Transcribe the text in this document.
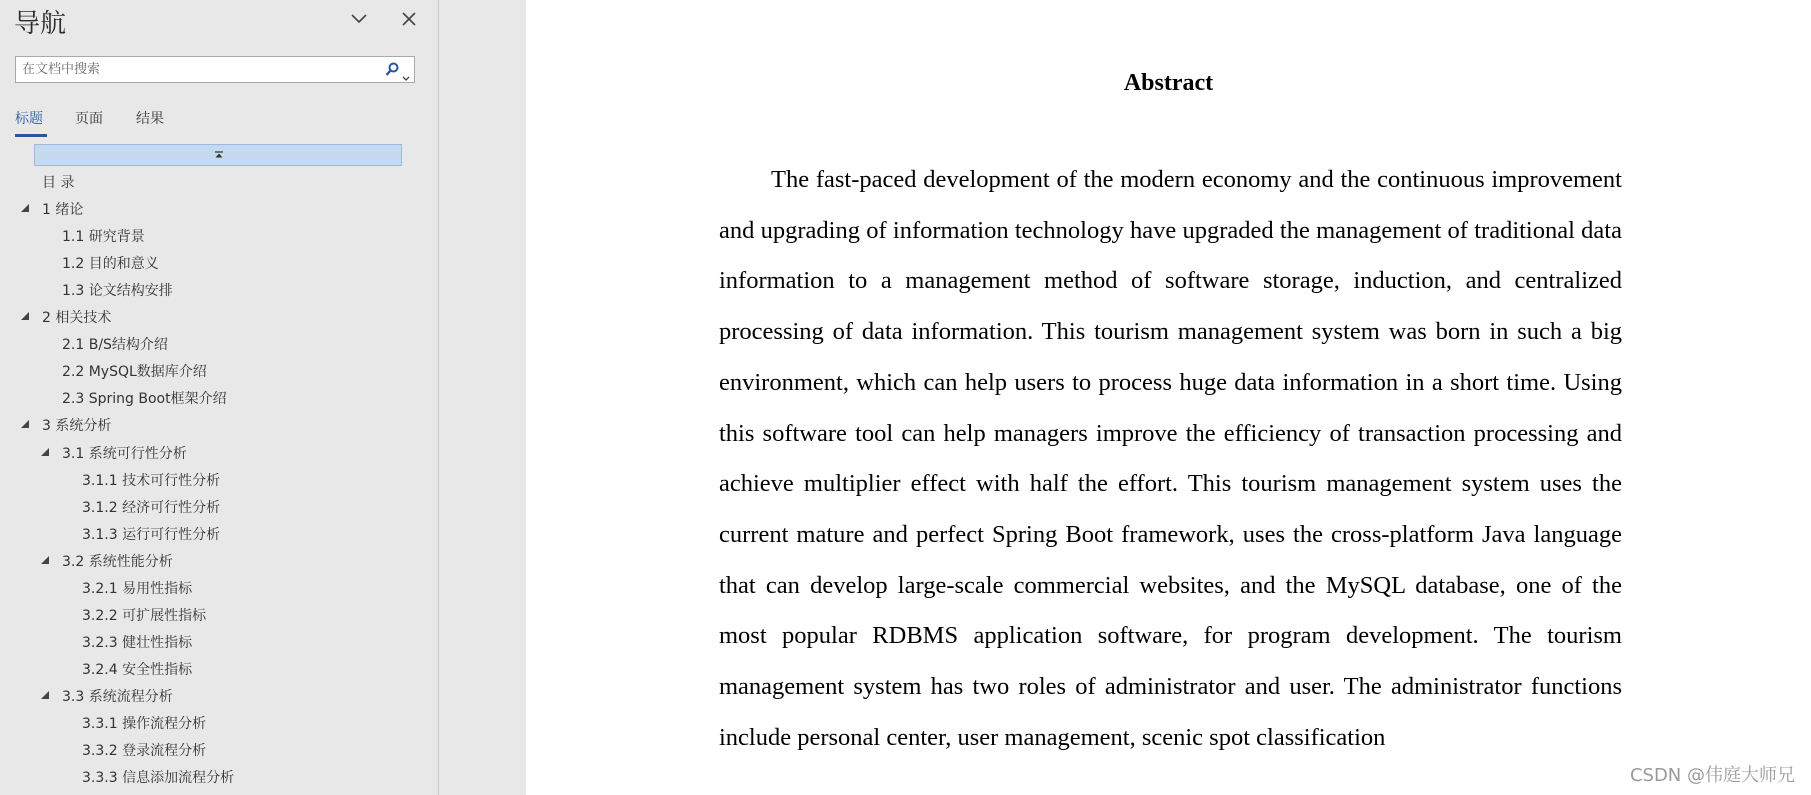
导航
在文档中搜索
标题 页面 结果
目 录
1 绪论
1.1 研究背景
1.2 目的和意义
1.3 论文结构安排
2 相关技术
2.1 B/S结构介绍
2.2 MySQL数据库介绍
2.3 Spring Boot框架介绍
3 系统分析
3.1 系统可行性分析
3.1.1 技术可行性分析
3.1.2 经济可行性分析
3.1.3 运行可行性分析
3.2 系统性能分析
3.2.1 易用性指标
3.2.2 可扩展性指标
3.2.3 健壮性指标
3.2.4 安全性指标
3.3 系统流程分析
3.3.1 操作流程分析
3.3.2 登录流程分析
3.3.3 信息添加流程分析
Abstract

The fast-paced development of the modern economy and the continuous improvement and upgrading of information technology have upgraded the management of traditional data information to a management method of software storage, induction, and centralized processing of data information. This tourism management system was born in such a big environment, which can help users to process huge data information in a short time. Using this software tool can help managers improve the efficiency of transaction processing and achieve multiplier effect with half the effort. This tourism management system uses the current mature and perfect Spring Boot framework, uses the cross-platform Java language that can develop large-scale commercial websites, and the MySQL database, one of the most popular RDBMS application software, for program development. The tourism management system has two roles of administrator and user. The administrator functions include personal center, user management, scenic spot classification

CSDN @伟庭大师兄
